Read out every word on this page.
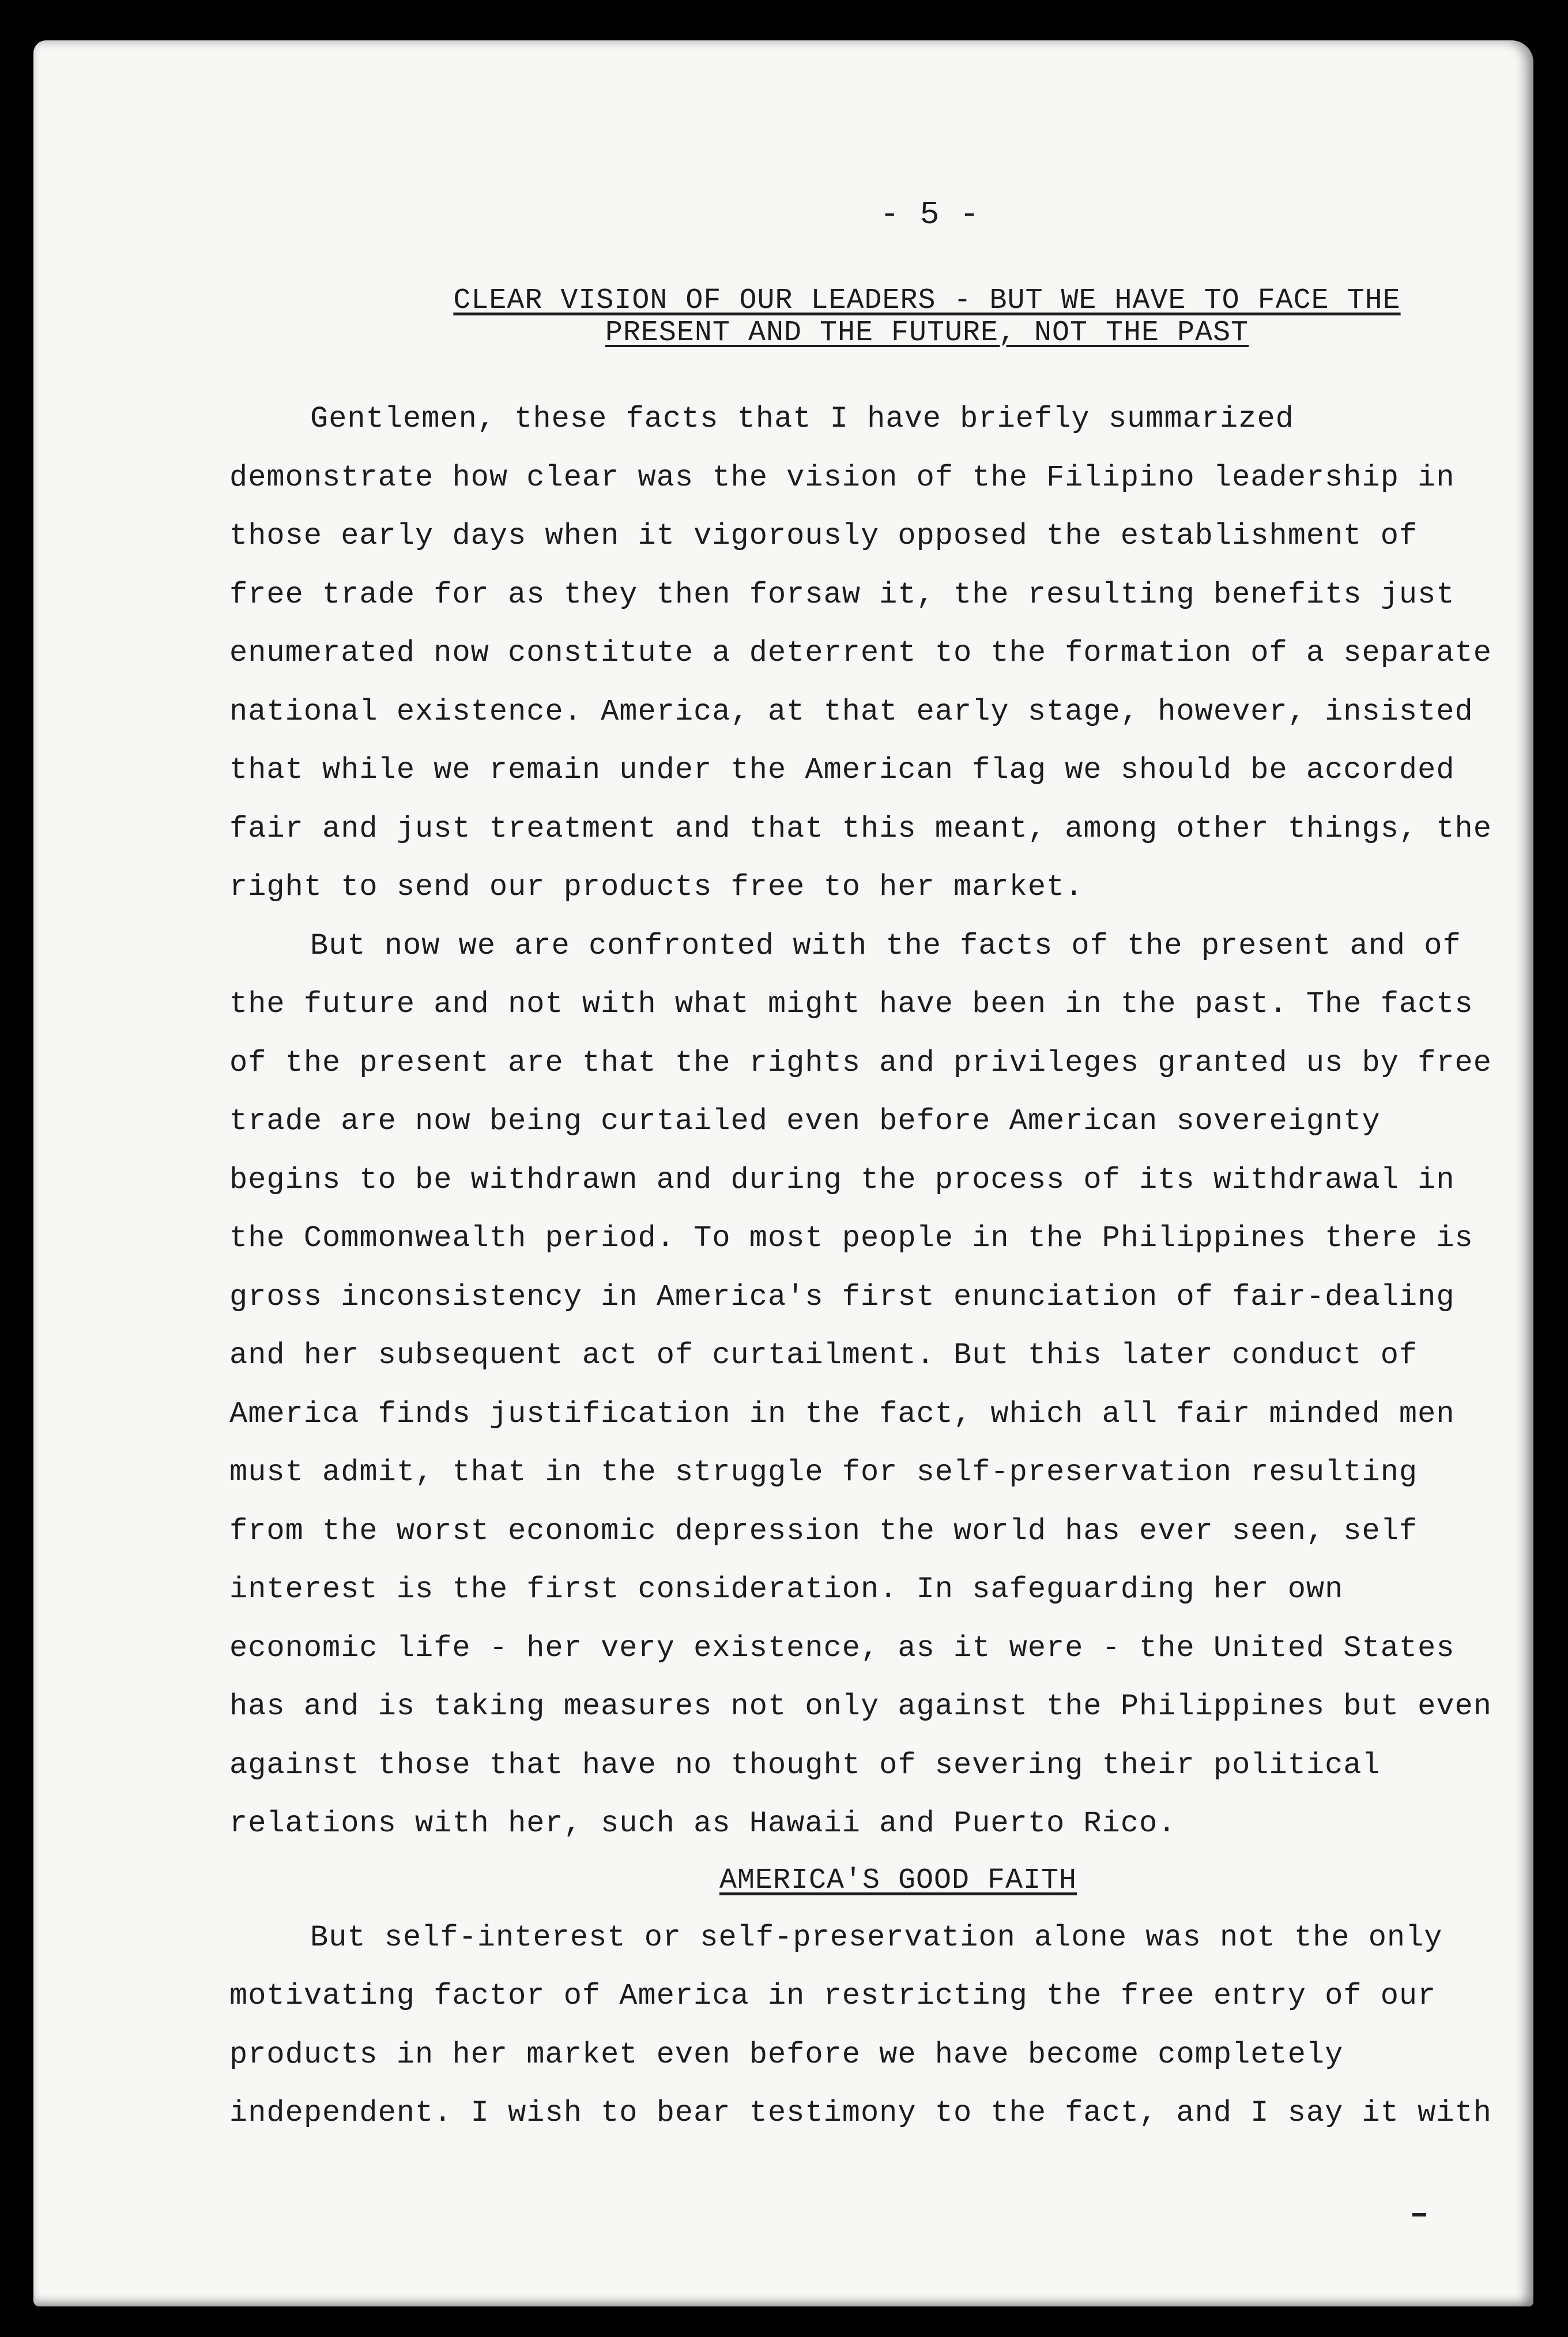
- 5 -
CLEAR VISION OF OUR LEADERS - BUT WE HAVE TO FACE THE
PRESENT AND THE FUTURE, NOT THE PAST

Gentlemen, these facts that I have briefly summarized demonstrate how clear was the vision of the Filipino leadership in those early days when it vigorously opposed the establishment of free trade for as they then forsaw it, the resulting benefits just enumerated now constitute a deterrent to the formation of a separate national existence. America, at that early stage, however, insisted that while we remain under the American flag we should be accorded fair and just treatment and that this meant, among other things, the right to send our products free to her market.

But now we are confronted with the facts of the present and of the future and not with what might have been in the past. The facts of the present are that the rights and privileges granted us by free trade are now being curtailed even before American sovereignty begins to be withdrawn and during the process of its withdrawal in the Commonwealth period. To most people in the Philippines there is gross inconsistency in America's first enunciation of fair-dealing and her subsequent act of curtailment. But this later conduct of America finds justification in the fact, which all fair minded men must admit, that in the struggle for self-preservation resulting from the worst economic depression the world has ever seen, self interest is the first consideration. In safeguarding her own economic life - her very existence, as it were - the United States has and is taking measures not only against the Philippines but even against those that have no thought of severing their political relations with her, such as Hawaii and Puerto Rico.

AMERICA'S GOOD FAITH

But self-interest or self-preservation alone was not the only motivating factor of America in restricting the free entry of our products in her market even before we have become completely independent. I wish to bear testimony to the fact, and I say it with
